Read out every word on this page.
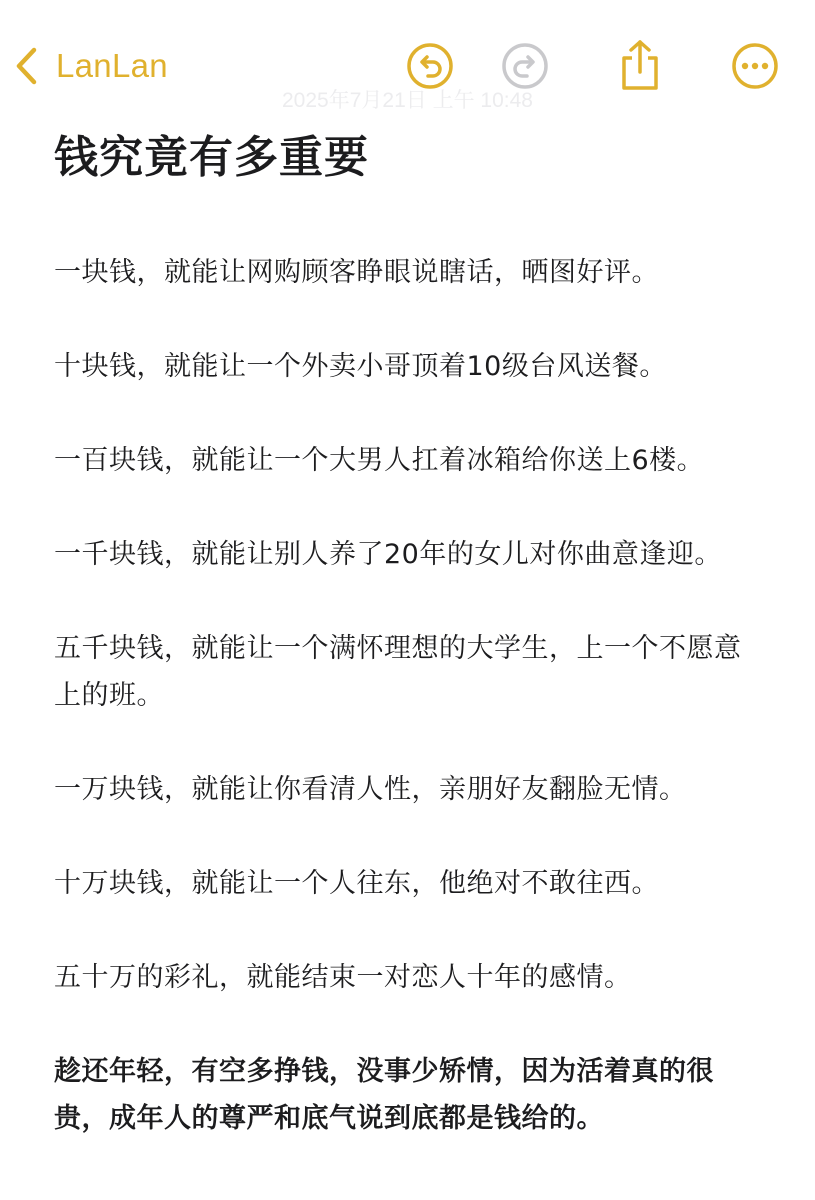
LanLan
2025年7月21日 上午 10:48
钱究竟有多重要

一块钱，就能让网购顾客睁眼说瞎话，晒图好评。

十块钱，就能让一个外卖小哥顶着10级台风送餐。

一百块钱，就能让一个大男人扛着冰箱给你送上6楼。

一千块钱，就能让别人养了20年的女儿对你曲意逢迎。

五千块钱，就能让一个满怀理想的大学生，上一个不愿意上的班。

一万块钱，就能让你看清人性，亲朋好友翻脸无情。

十万块钱，就能让一个人往东，他绝对不敢往西。

五十万的彩礼，就能结束一对恋人十年的感情。

趁还年轻，有空多挣钱，没事少矫情，因为活着真的很贵，成年人的尊严和底气说到底都是钱给的。
